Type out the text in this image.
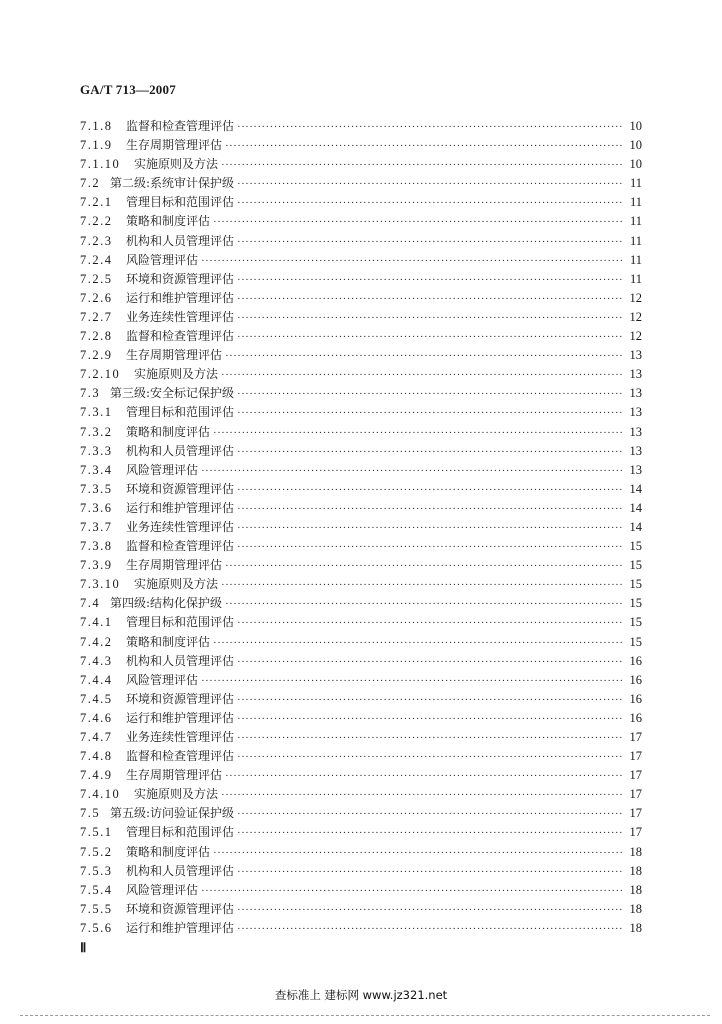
GA/T 713—2007
7.1.8	监督和检查管理评估 ·····	10
7.1.9	生存周期管理评估 ·····	10
7.1.10	实施原则及方法 ·····	10
7.2 第二级:系统审计保护级 ·····	11
7.2.1	管理目标和范围评估 ·····	11
7.2.2	策略和制度评估 ·····	11
7.2.3	机构和人员管理评估 ·····	11
7.2.4	风险管理评估 ·····	11
7.2.5	环境和资源管理评估 ·····	11
7.2.6	运行和维护管理评估 ·····	12
7.2.7	业务连续性管理评估 ·····	12
7.2.8	监督和检查管理评估 ·····	12
7.2.9	生存周期管理评估 ·····	13
7.2.10	实施原则及方法 ·····	13
7.3 第三级:安全标记保护级 ·····	13
7.3.1	管理目标和范围评估 ·····	13
7.3.2	策略和制度评估 ·····	13
7.3.3	机构和人员管理评估 ·····	13
7.3.4	风险管理评估 ·····	13
7.3.5	环境和资源管理评估 ·····	14
7.3.6	运行和维护管理评估 ·····	14
7.3.7	业务连续性管理评估 ·····	14
7.3.8	监督和检查管理评估 ·····	15
7.3.9	生存周期管理评估 ·····	15
7.3.10	实施原则及方法 ·····	15
7.4 第四级:结构化保护级 ·····	15
7.4.1	管理目标和范围评估 ·····	15
7.4.2	策略和制度评估 ·····	15
7.4.3	机构和人员管理评估 ·····	16
7.4.4	风险管理评估 ·····	16
7.4.5	环境和资源管理评估 ·····	16
7.4.6	运行和维护管理评估 ·····	16
7.4.7	业务连续性管理评估 ·····	17
7.4.8	监督和检查管理评估 ·····	17
7.4.9	生存周期管理评估 ·····	17
7.4.10	实施原则及方法 ·····	17
7.5 第五级:访问验证保护级 ·····	17
7.5.1	管理目标和范围评估 ·····	17
7.5.2	策略和制度评估 ·····	18
7.5.3	机构和人员管理评估 ·····	18
7.5.4	风险管理评估 ·····	18
7.5.5	环境和资源管理评估 ·····	18
7.5.6	运行和维护管理评估 ·····	18
Ⅱ
查标准上 建标网 www.jz321.net
